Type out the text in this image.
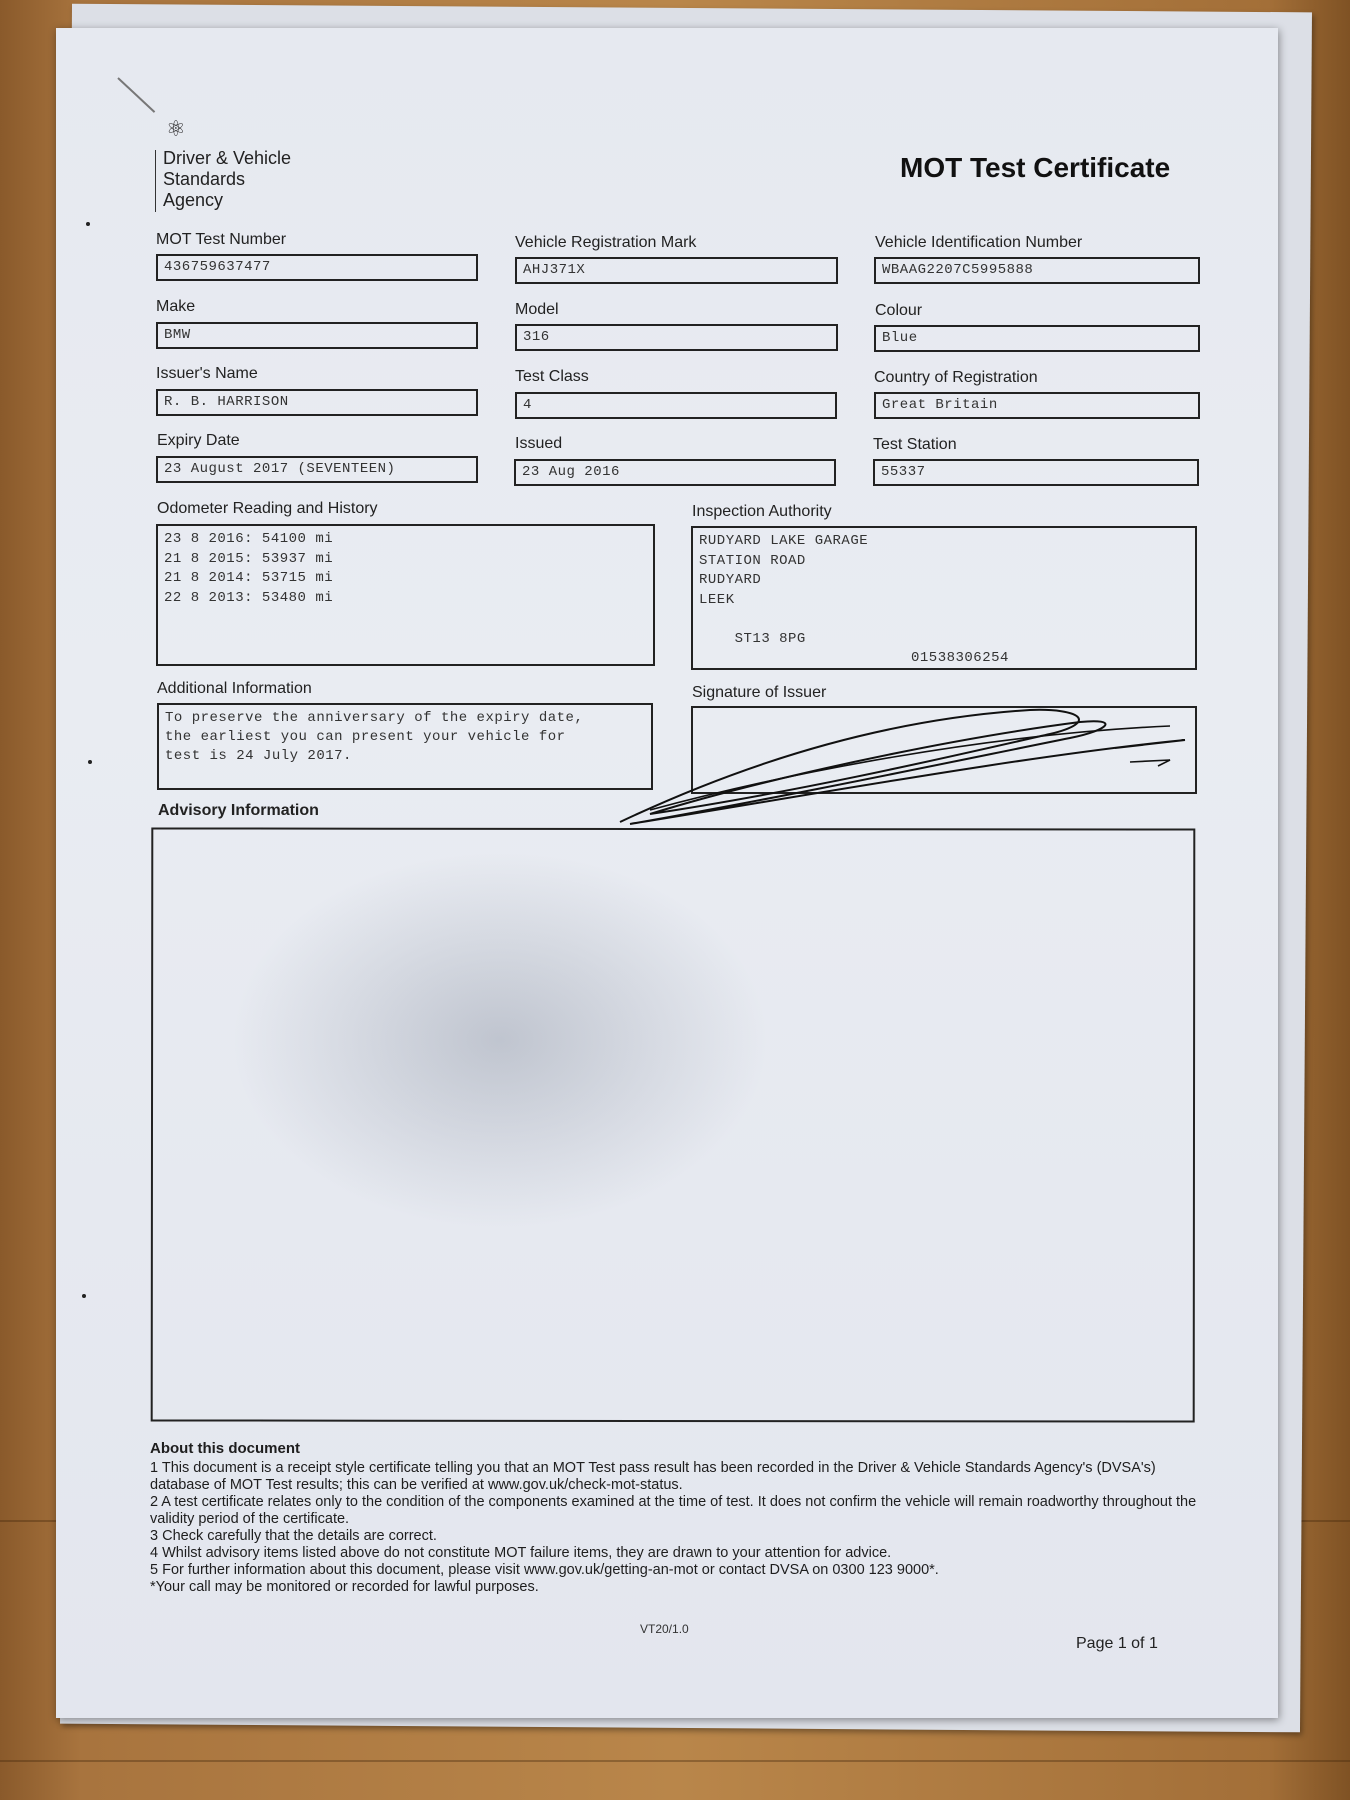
⚛
Driver & Vehicle
Standards
Agency
MOT Test Certificate
MOT Test Number
436759637477
Vehicle Registration Mark
AHJ371X
Vehicle Identification Number
WBAAG2207C5995888
Make
BMW
Model
316
Colour
Blue
Issuer's Name
R. B. HARRISON
Test Class
4
Country of Registration
Great Britain
Expiry Date
23 August 2017 (SEVENTEEN)
Issued
23 Aug 2016
Test Station
55337
Odometer Reading and History
23 8 2016: 54100 mi
21 8 2015: 53937 mi
21 8 2014: 53715 mi
22 8 2013: 53480 mi
Inspection Authority
RUDYARD LAKE GARAGE
STATION ROAD
RUDYARD
LEEK

ST13 8PG

01538306254

Additional Information
To preserve the anniversary of the expiry date,
the earliest you can present your vehicle for
test is 24 July 2017.
Signature of Issuer
Advisory Information
About this document
1 This document is a receipt style certificate telling you that an MOT Test pass result has been recorded in the Driver & Vehicle Standards Agency's (DVSA's) database of MOT Test results; this can be verified at www.gov.uk/check-mot-status.
2 A test certificate relates only to the condition of the components examined at the time of test. It does not confirm the vehicle will remain roadworthy throughout the validity period of the certificate.
3 Check carefully that the details are correct.
4 Whilst advisory items listed above do not constitute MOT failure items, they are drawn to your attention for advice.
5 For further information about this document, please visit www.gov.uk/getting-an-mot or contact DVSA on 0300 123 9000*.
*Your call may be monitored or recorded for lawful purposes.
VT20/1.0
Page 1 of 1
